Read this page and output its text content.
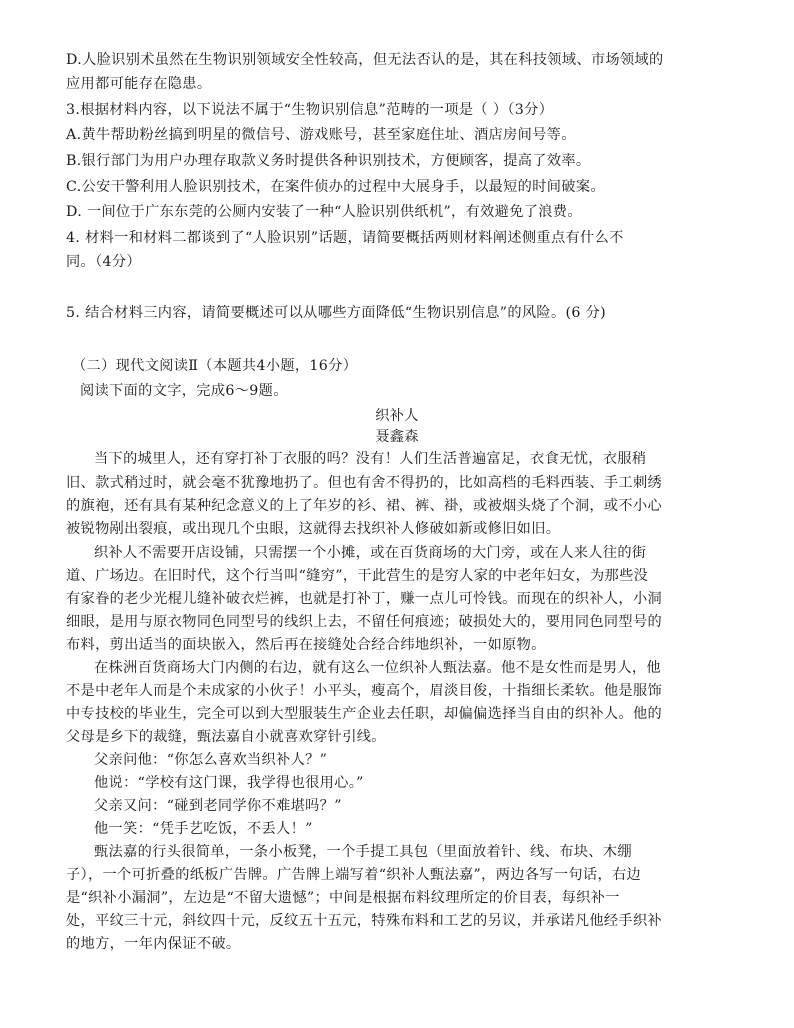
D.人脸识别术虽然在生物识别领域安全性较高，但无法否认的是，其在科技领域、市场领域的
应用都可能存在隐患。
3.根据材料内容，以下说法不属于“生物识别信息”范畴的一项是（ ）（3分）
A.黄牛帮助粉丝搞到明星的微信号、游戏账号，甚至家庭住址、酒店房间号等。
B.银行部门为用户办理存取款义务时提供各种识别技术，方便顾客，提高了效率。
C.公安干警利用人脸识别技术，在案件侦办的过程中大展身手，以最短的时间破案。
D. 一间位于广东东莞的公厕内安装了一种“人脸识别供纸机”，有效避免了浪费。
4. 材料一和材料二都谈到了“人脸识别”话题，请简要概括两则材料阐述侧重点有什么不
同。（4分）
5. 结合材料三内容，请简要概述可以从哪些方面降低“生物识别信息”的风险。(6 分)
（二）现代文阅读Ⅱ（本题共4小题，16分）
阅读下面的文字，完成6～9题。
织补人
聂鑫森
当下的城里人，还有穿打补丁衣服的吗？没有！人们生活普遍富足，衣食无忧，衣服稍
旧、款式稍过时，就会毫不犹豫地扔了。但也有舍不得扔的，比如高档的毛料西装、手工刺绣
的旗袍，还有具有某种纪念意义的上了年岁的衫、裙、裤、褂，或被烟头烧了个洞，或不小心
被锐物剐出裂痕，或出现几个虫眼，这就得去找织补人修破如新或修旧如旧。
织补人不需要开店设铺，只需摆一个小摊，或在百货商场的大门旁，或在人来人往的街
道、广场边。在旧时代，这个行当叫“缝穷”，干此营生的是穷人家的中老年妇女，为那些没
有家眷的老少光棍儿缝补破衣烂裤，也就是打补丁，赚一点儿可怜钱。而现在的织补人，小洞
细眼，是用与原衣物同色同型号的线织上去，不留任何痕迹；破损处大的，要用同色同型号的
布料，剪出适当的面块嵌入，然后再在接缝处合经合纬地织补，一如原物。
在株洲百货商场大门内侧的右边，就有这么一位织补人甄法嘉。他不是女性而是男人，他
不是中老年人而是个未成家的小伙子！小平头，瘦高个，眉淡目俊，十指细长柔软。他是服饰
中专技校的毕业生，完全可以到大型服装生产企业去任职，却偏偏选择当自由的织补人。他的
父母是乡下的裁缝，甄法嘉自小就喜欢穿针引线。
父亲问他：“你怎么喜欢当织补人？”
他说：“学校有这门课，我学得也很用心。”
父亲又问：“碰到老同学你不难堪吗？”
他一笑：“凭手艺吃饭，不丢人！”
甄法嘉的行头很简单，一条小板凳，一个手提工具包（里面放着针、线、布块、木绷
子），一个可折叠的纸板广告牌。广告牌上端写着“织补人甄法嘉”，两边各写一句话，右边
是“织补小漏洞”，左边是“不留大遗憾”；中间是根据布料纹理所定的价目表，每织补一
处，平纹三十元，斜纹四十元，反纹五十五元，特殊布料和工艺的另议，并承诺凡他经手织补
的地方，一年内保证不破。
